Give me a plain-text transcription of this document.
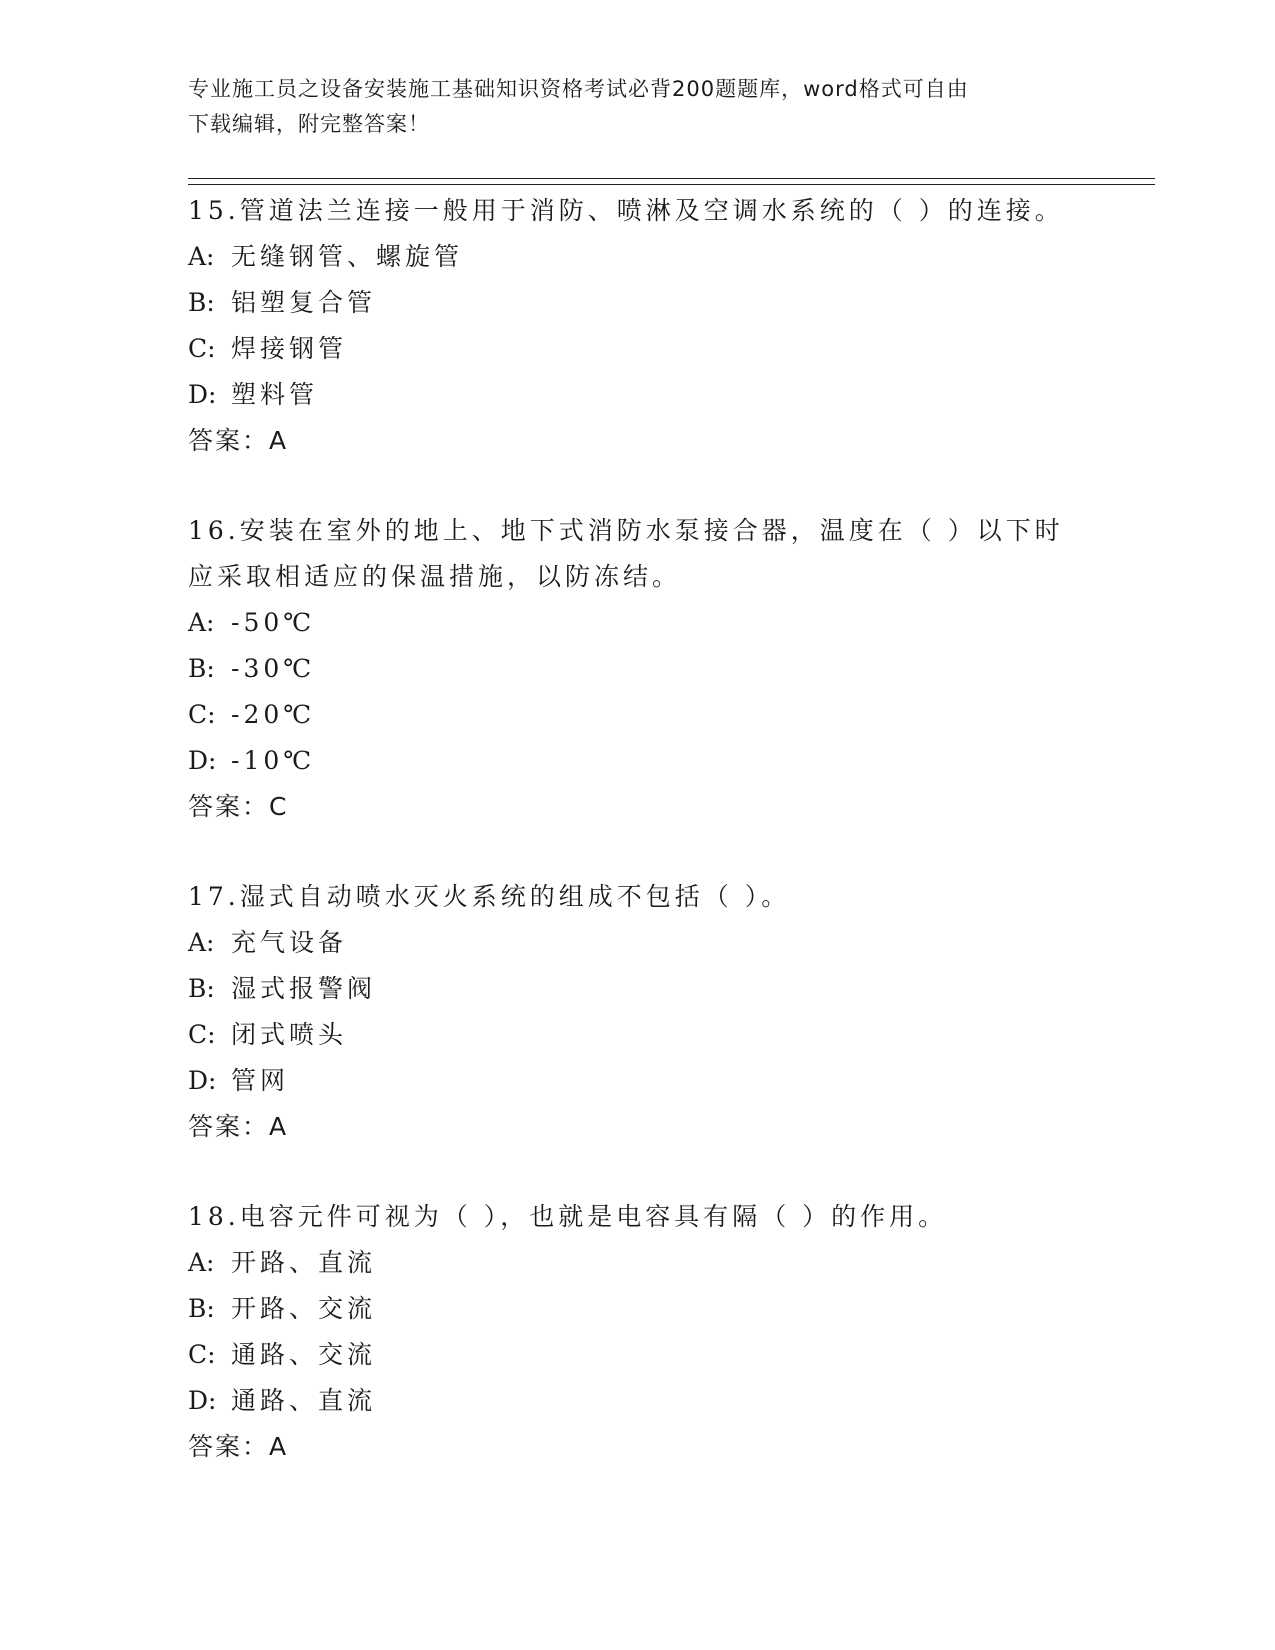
专业施工员之设备安装施工基础知识资格考试必背200题题库，word格式可自由
下载编辑，附完整答案！
15.管道法兰连接一般用于消防、喷淋及空调水系统的（ ）的连接。
A: 无缝钢管、螺旋管
B: 铝塑复合管
C: 焊接钢管
D: 塑料管
答案：A
16.安装在室外的地上、地下式消防水泵接合器，温度在（ ）以下时应采取相适应的保温措施，以防冻结。
A: -50℃
B: -30℃
C: -20℃
D: -10℃
答案：C
17.湿式自动喷水灭火系统的组成不包括（ ）。
A: 充气设备
B: 湿式报警阀
C: 闭式喷头
D: 管网
答案：A
18.电容元件可视为（ ），也就是电容具有隔（ ）的作用。
A: 开路、直流
B: 开路、交流
C: 通路、交流
D: 通路、直流
答案：A
